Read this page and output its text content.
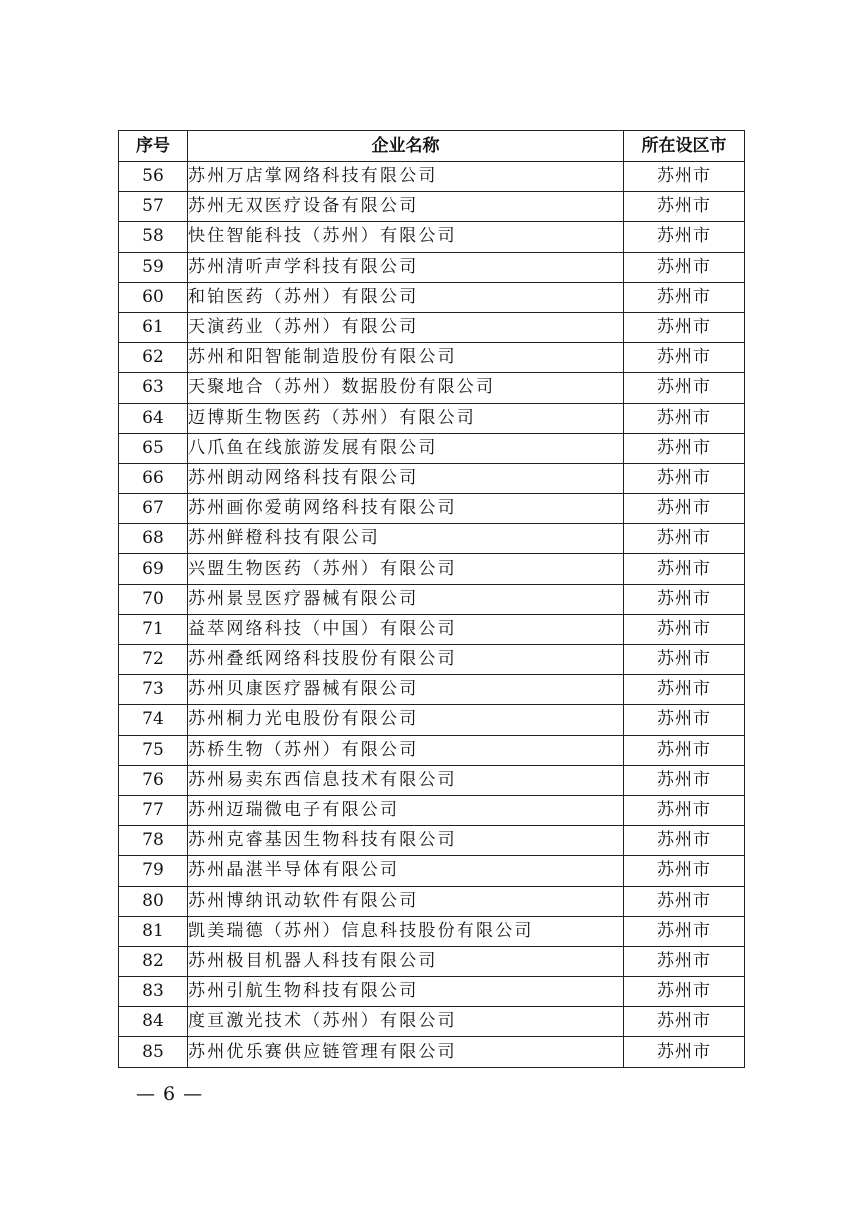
序号	企业名称	所在设区市
56	苏州万店掌网络科技有限公司	苏州市
57	苏州无双医疗设备有限公司	苏州市
58	快住智能科技（苏州）有限公司	苏州市
59	苏州清听声学科技有限公司	苏州市
60	和铂医药（苏州）有限公司	苏州市
61	天演药业（苏州）有限公司	苏州市
62	苏州和阳智能制造股份有限公司	苏州市
63	天聚地合（苏州）数据股份有限公司	苏州市
64	迈博斯生物医药（苏州）有限公司	苏州市
65	八爪鱼在线旅游发展有限公司	苏州市
66	苏州朗动网络科技有限公司	苏州市
67	苏州画你爱萌网络科技有限公司	苏州市
68	苏州鲜橙科技有限公司	苏州市
69	兴盟生物医药（苏州）有限公司	苏州市
70	苏州景昱医疗器械有限公司	苏州市
71	益萃网络科技（中国）有限公司	苏州市
72	苏州叠纸网络科技股份有限公司	苏州市
73	苏州贝康医疗器械有限公司	苏州市
74	苏州桐力光电股份有限公司	苏州市
75	苏桥生物（苏州）有限公司	苏州市
76	苏州易卖东西信息技术有限公司	苏州市
77	苏州迈瑞微电子有限公司	苏州市
78	苏州克睿基因生物科技有限公司	苏州市
79	苏州晶湛半导体有限公司	苏州市
80	苏州博纳讯动软件有限公司	苏州市
81	凯美瑞德（苏州）信息科技股份有限公司	苏州市
82	苏州极目机器人科技有限公司	苏州市
83	苏州引航生物科技有限公司	苏州市
84	度亘激光技术（苏州）有限公司	苏州市
85	苏州优乐赛供应链管理有限公司	苏州市
— 6 —
